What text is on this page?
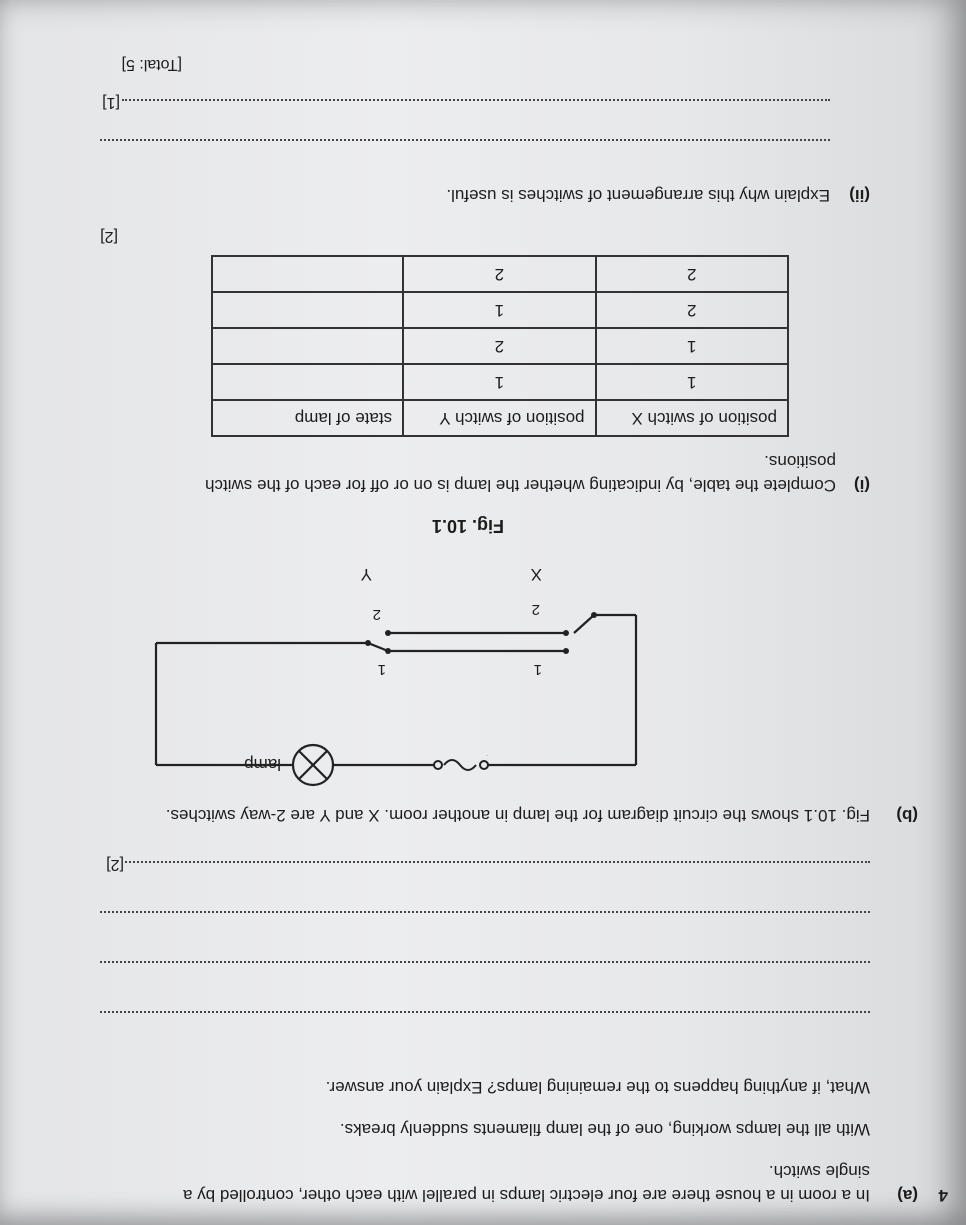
4
(a)
In a room in a house there are four electric lamps in parallel with each other, controlled by a
single switch.
With all the lamps working, one of the lamp filaments suddenly breaks.
What, if anything happens to the remaining lamps? Explain your answer.
[2]
(b)
Fig. 10.1 shows the circuit diagram for the lamp in another room. X and Y are 2-way switches.
o∿o
lamp
1
2
1
2
Y	X
Fig. 10.1
(i)
Complete the table, by indicating whether the lamp is on or off for each of the switch
positions.
position of switch X	position of switch Y	state of lamp
1	1	
1	2	
2	1	
2	2	
[2]
(ii)
Explain why this arrangement of switches is useful.
[1]
[Total: 5]
